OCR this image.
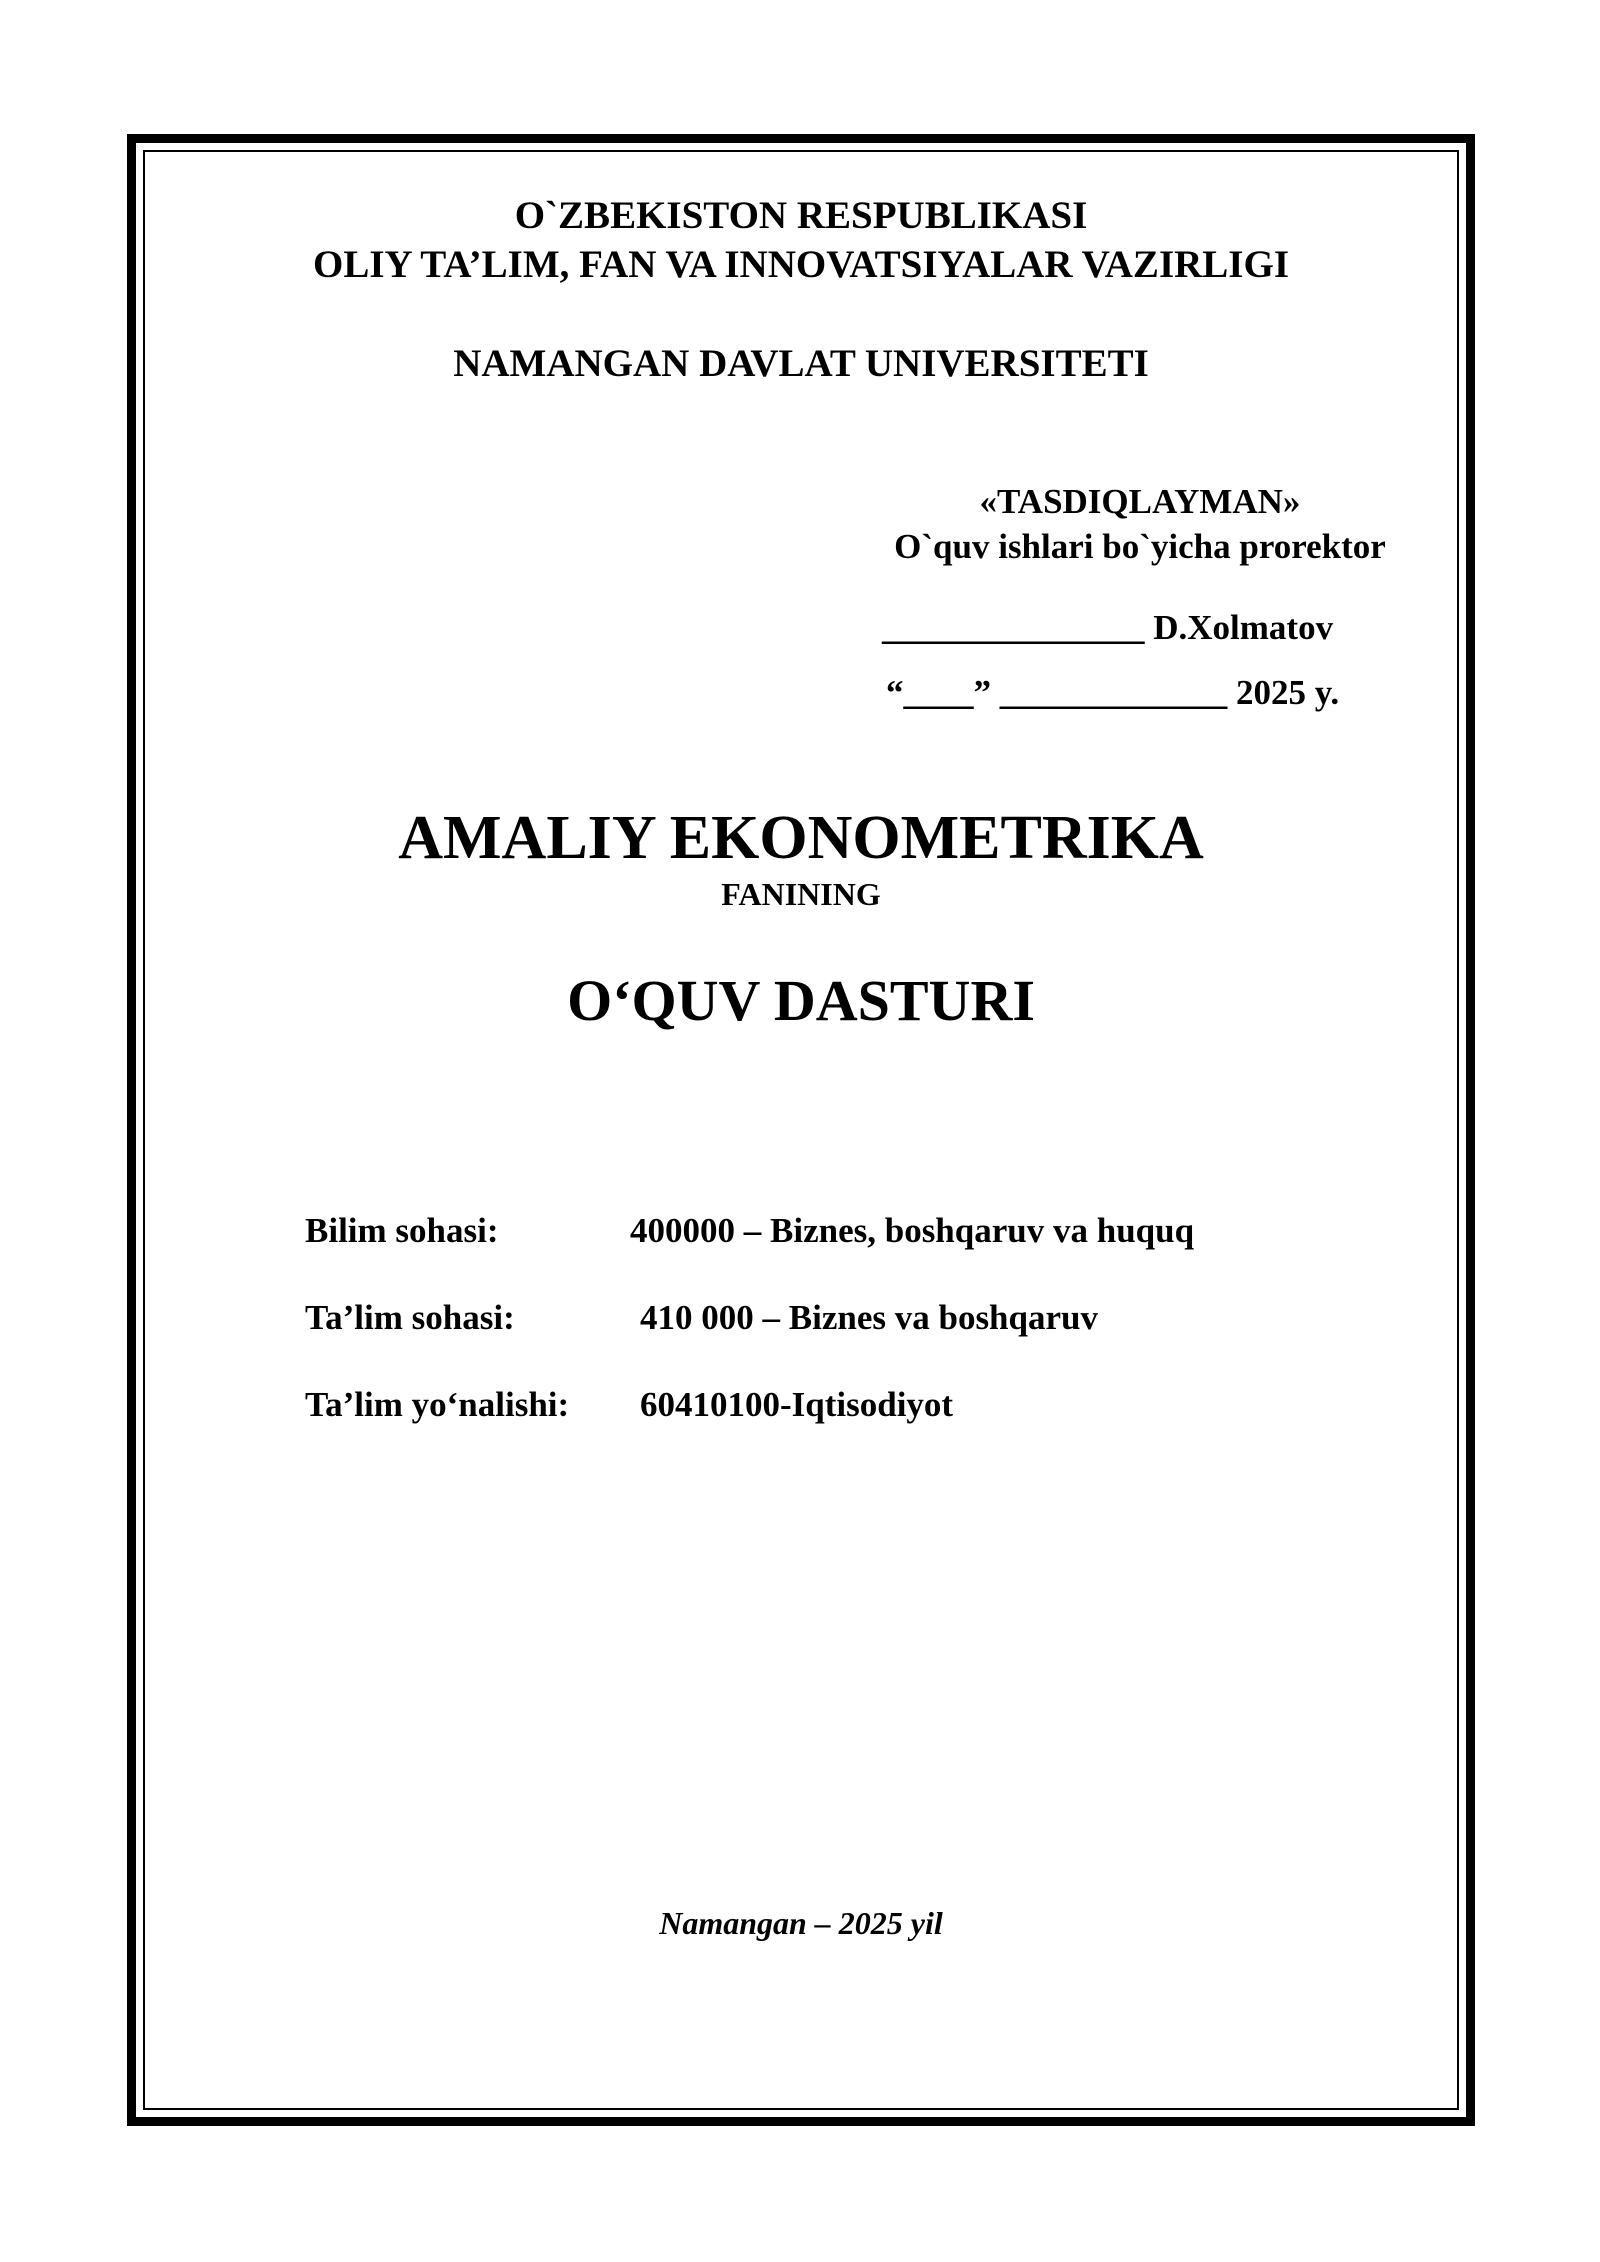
O`ZBEKISTON RESPUBLIKASI
OLIY TA’LIM, FAN VA INNOVATSIYALAR VAZIRLIGI
NAMANGAN DAVLAT UNIVERSITETI
«TASDIQLAYMAN»
O`quv ishlari bo`yicha prorektor
_______________ D.Xolmatov
“____” _____________ 2025 y.
AMALIY EKONOMETRIKA
FANINING
O‘QUV DASTURI
Bilim sohasi:	400000 – Biznes, boshqaruv va huquq
Ta’lim sohasi:	410 000 – Biznes va boshqaruv
Ta’lim yo‘nalishi: 60410100-Iqtisodiyot
Namangan – 2025 yil
